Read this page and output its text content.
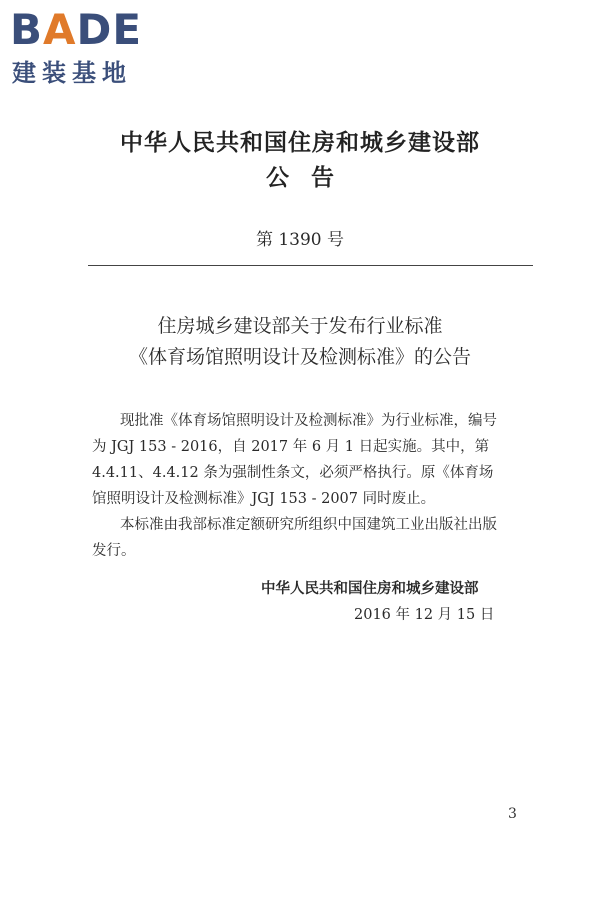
BADE
建装基地
中华人民共和国住房和城乡建设部
公告
第 1390 号
住房城乡建设部关于发布行业标准
《体育场馆照明设计及检测标准》的公告
现批准《体育场馆照明设计及检测标准》为行业标准，编号
为 JGJ 153 - 2016，自 2017 年 6 月 1 日起实施。其中，第
4.4.11、4.4.12 条为强制性条文，必须严格执行。原《体育场
馆照明设计及检测标准》JGJ 153 - 2007 同时废止。
本标准由我部标准定额研究所组织中国建筑工业出版社出版
发行。
中华人民共和国住房和城乡建设部
2016 年 12 月 15 日
3
